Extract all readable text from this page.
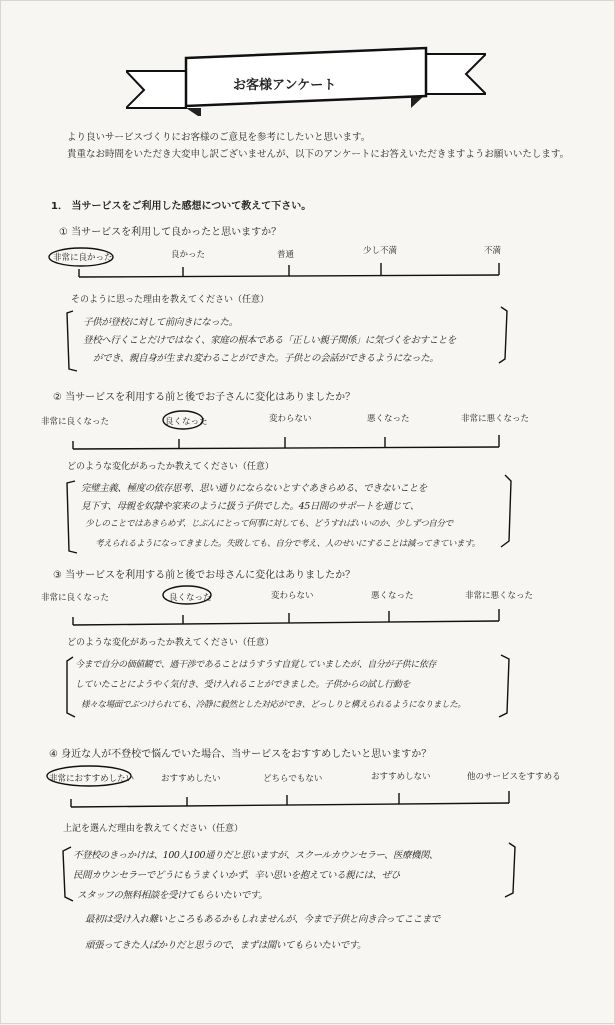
お客様アンケート
より良いサービスづくりにお客様のご意見を参考にしたいと思います。
貴重なお時間をいただき大変申し訳ございませんが、以下のアンケートにお答えいただきますようお願いいたします。
1． 当サービスをご利用した感想について教えて下さい。
① 当サービスを利用して良かったと思いますか？
非常に良かった	良かった	普通	少し不満	不満
そのように思った理由を教えてください（任意）
子供が登校に対して前向きになった。
登校へ行くことだけではなく、家庭の根本である「正しい親子関係」に気づくをおすことを
ができ、親自身が生まれ変わることができた。子供との会話ができるようになった。
② 当サービスを利用する前と後でお子さんに変化はありましたか？
非常に良くなった	良くなった	変わらない	悪くなった	非常に悪くなった
どのような変化があったか教えてください（任意）
完璧主義、極度の依存思考、思い通りにならないとすぐあきらめる、できないことを
見下す、母親を奴隷や家来のように扱う子供でした。45日間のサポートを通じて、
少しのことではあきらめず、じぶんにとって何事に対しても、どうすればいいのか、少しずつ自分で
考えられるようになってきました。失敗しても、自分で考え、人のせいにすることは減ってきています。
③ 当サービスを利用する前と後でお母さんに変化はありましたか？
非常に良くなった	良くなった	変わらない	悪くなった	非常に悪くなった
どのような変化があったか教えてください（任意）
今まで自分の価値観で、過干渉であることはうすうす自覚していましたが、自分が子供に依存
していたことにようやく気付き、受け入れることができました。子供からの試し行動を
様々な場面でぶつけられても、冷静に毅然とした対応ができ、どっしりと構えられるようになりました。
④ 身近な人が不登校で悩んでいた場合、当サービスをおすすめしたいと思いますか？
非常におすすめしたい	おすすめしたい	どちらでもない	おすすめしない	他のサービスをすすめる
上記を選んだ理由を教えてください（任意）
不登校のきっかけは、100人100通りだと思いますが、スクールカウンセラー、医療機関、
民間カウンセラーでどうにもうまくいかず、辛い思いを抱えている親には、ぜひ
スタッフの無料相談を受けてもらいたいです。
最初は受け入れ難いところもあるかもしれませんが、今まで子供と向き合ってここまで
頑張ってきた人ばかりだと思うので、まずは聞いてもらいたいです。
